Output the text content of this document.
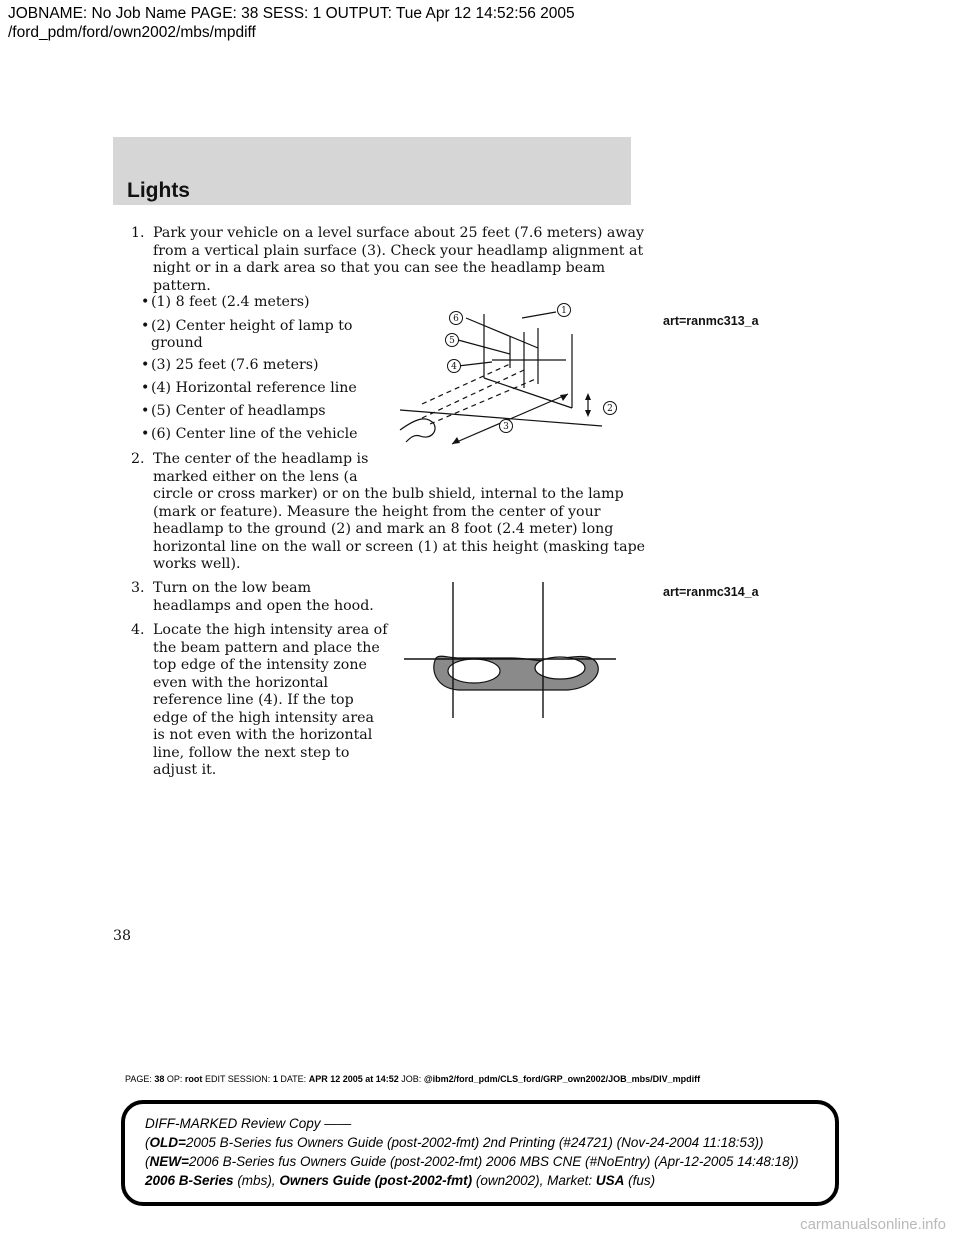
JOBNAME: No Job Name PAGE: 38 SESS: 1 OUTPUT: Tue Apr 12 14:52:56 2005
/ford_pdm/ford/own2002/mbs/mpdiff
Lights
1. Park your vehicle on a level surface about 25 feet (7.6 meters) away
from a vertical plain surface (3). Check your headlamp alignment at
night or in a dark area so that you can see the headlamp beam
pattern.
• (1) 8 feet (2.4 meters)
• (2) Center height of lamp to
ground
• (3) 25 feet (7.6 meters)
• (4) Horizontal reference line
• (5) Center of headlamps
• (6) Center line of the vehicle
1
2
3
4
5
6	art=ranmc313_a
2. The center of the headlamp is
marked either on the lens (a
circle or cross marker) or on the bulb shield, internal to the lamp
(mark or feature). Measure the height from the center of your
headlamp to the ground (2) and mark an 8 foot (2.4 meter) long
horizontal line on the wall or screen (1) at this height (masking tape
works well).
3. Turn on the low beam
headlamps and open the hood.
4. Locate the high intensity area of
the beam pattern and place the
top edge of the intensity zone
even with the horizontal
reference line (4). If the top
edge of the high intensity area
is not even with the horizontal
line, follow the next step to
adjust it.
art=ranmc314_a
38
PAGE: 38 OP: root EDIT SESSION: 1 DATE: APR 12 2005 at 14:52 JOB: @ibm2/ford_pdm/CLS_ford/GRP_own2002/JOB_mbs/DIV_mpdiff
DIFF-MARKED Review Copy ——
(OLD=2005 B-Series fus Owners Guide (post-2002-fmt) 2nd Printing (#24721) (Nov-24-2004 11:18:53))
(NEW=2006 B-Series fus Owners Guide (post-2002-fmt) 2006 MBS CNE (#NoEntry) (Apr-12-2005 14:48:18))
2006 B-Series (mbs), Owners Guide (post-2002-fmt) (own2002), Market: USA (fus)
carmanualsonline.info
